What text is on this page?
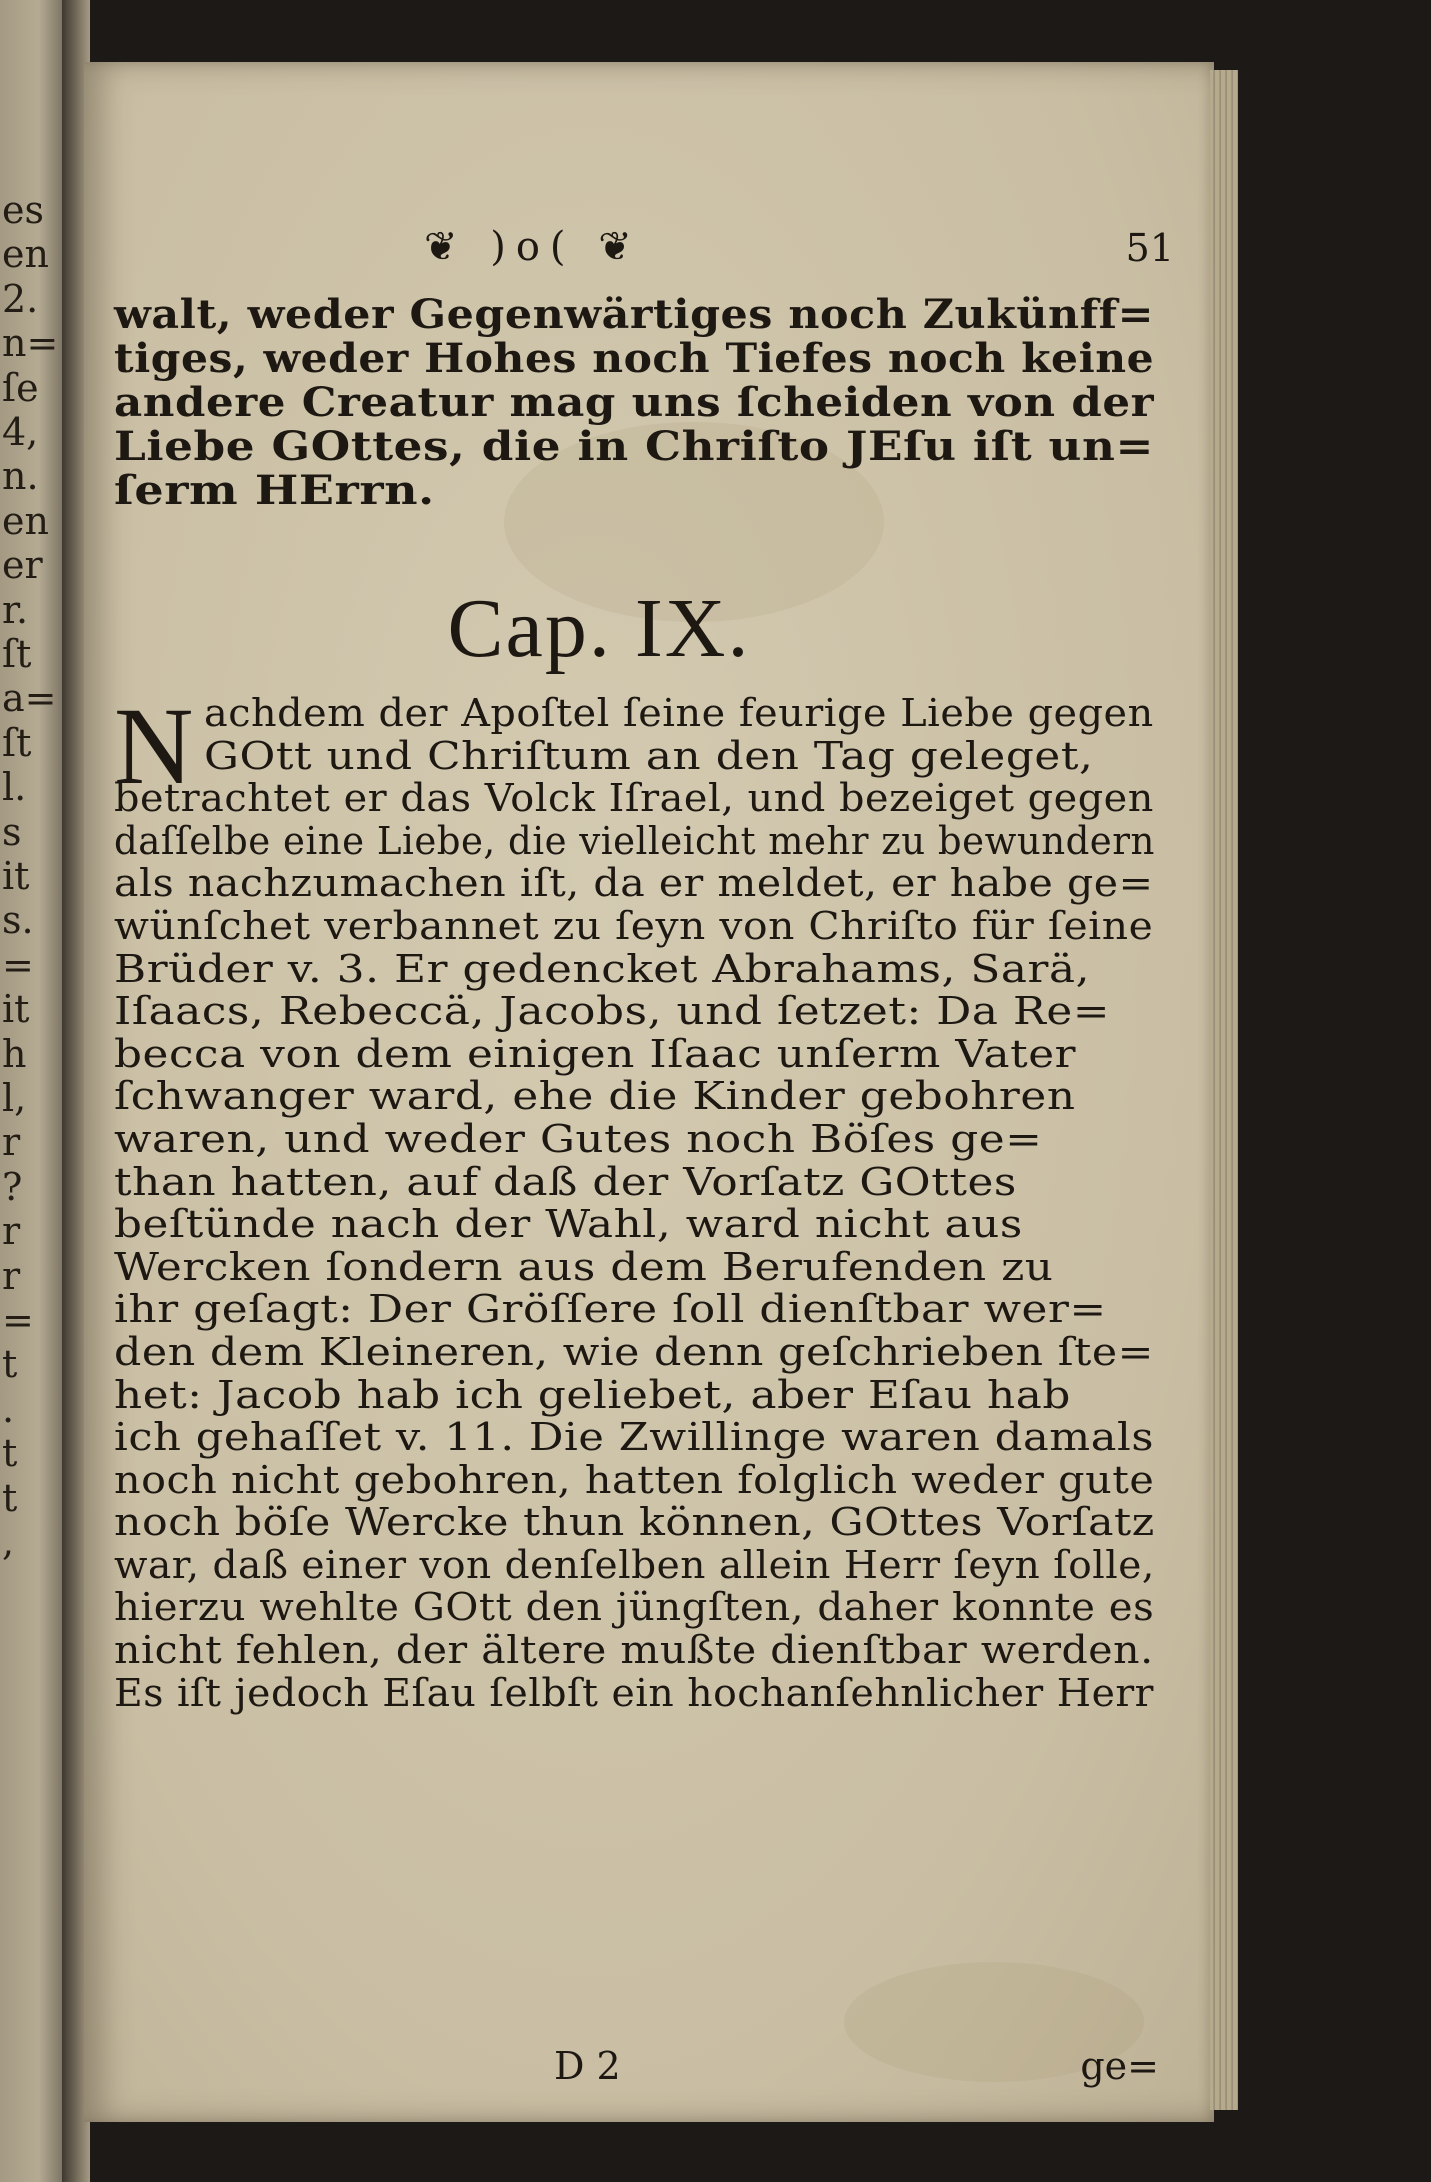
es
en
2.
n=
ſe
4,
n.
en
er
r.
ſt
a=
ſt
l.
s
it
s.
=
it
h
l,
r
?
r
r
=
t
.
t
t
,
❦ )o( ❦	51
walt, weder Gegenwärtiges noch Zukünff=
tiges, weder Hohes noch Tiefes noch keine
andere Creatur mag uns ſcheiden von der
Liebe GOttes, die in Chriſto JEſu iſt un=
ſerm HErrn.
Cap. IX.
N achdem der Apoſtel ſeine feurige Liebe gegen
GOtt und Chriſtum an den Tag geleget,
betrachtet er das Volck Iſrael, und bezeiget gegen
daſſelbe eine Liebe, die vielleicht mehr zu bewundern
als nachzumachen iſt, da er meldet, er habe ge=
wünſchet verbannet zu ſeyn von Chriſto für ſeine
Brüder v. 3. Er gedencket Abrahams, Sarä,
Iſaacs, Rebeccä, Jacobs, und ſetzet: Da Re=
becca von dem einigen Iſaac unſerm Vater
ſchwanger ward, ehe die Kinder gebohren
waren, und weder Gutes noch Böſes ge=
than hatten, auf daß der Vorſatz GOttes
beſtünde nach der Wahl, ward nicht aus
Wercken ſondern aus dem Berufenden zu
ihr geſagt: Der Gröſſere ſoll dienſtbar wer=
den dem Kleineren, wie denn geſchrieben ſte=
het: Jacob hab ich geliebet, aber Eſau hab
ich gehaſſet v. 11. Die Zwillinge waren damals
noch nicht gebohren, hatten folglich weder gute
noch böſe Wercke thun können, GOttes Vorſatz
war, daß einer von denſelben allein Herr ſeyn ſolle,
hierzu wehlte GOtt den jüngſten, daher konnte es
nicht fehlen, der ältere mußte dienſtbar werden.
Es iſt jedoch Eſau ſelbſt ein hochanſehnlicher Herr
D 2	ge=
